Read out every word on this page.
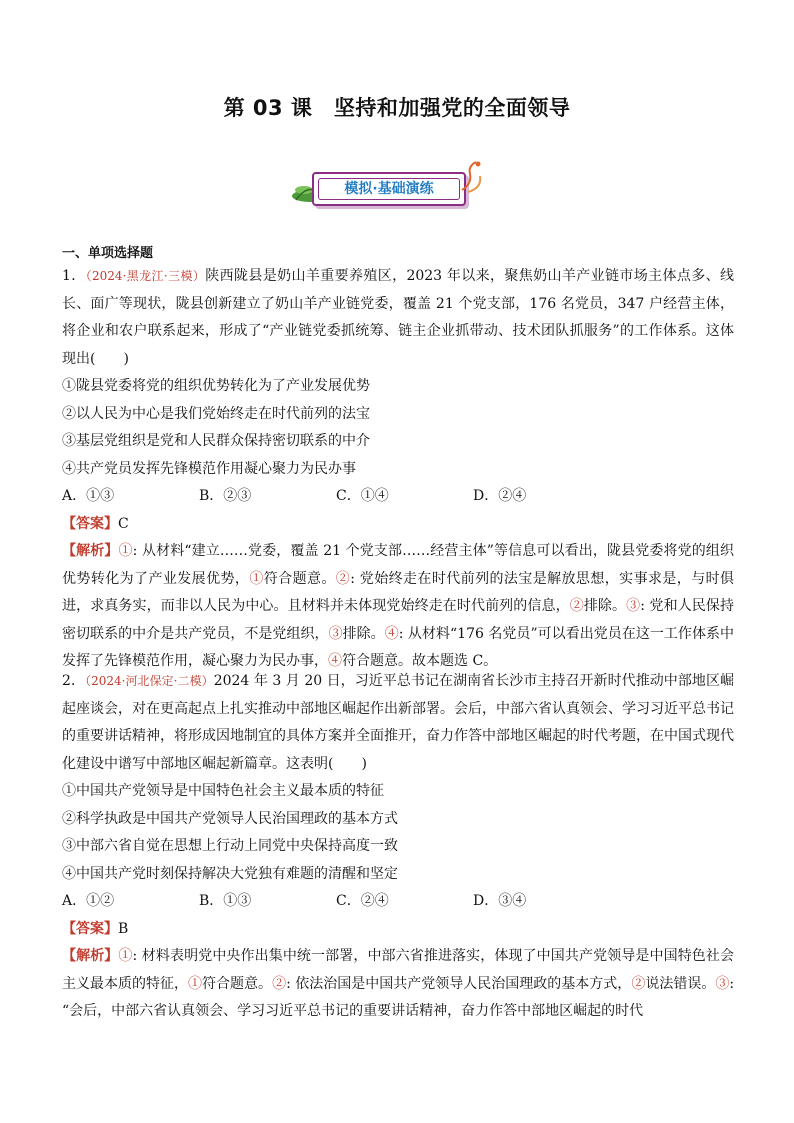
第 03 课　坚持和加强党的全面领导
模拟·基础演练
一、单项选择题
1．（2024·黑龙江·三模）陕西陇县是奶山羊重要养殖区，2023 年以来，聚焦奶山羊产业链市场主体点多、线长、面广等现状，陇县创新建立了奶山羊产业链党委，覆盖 21 个党支部，176 名党员，347 户经营主体，将企业和农户联系起来，形成了“产业链党委抓统筹、链主企业抓带动、技术团队抓服务”的工作体系。这体现出(　　)
①陇县党委将党的组织优势转化为了产业发展优势
②以人民为中心是我们党始终走在时代前列的法宝
③基层党组织是党和人民群众保持密切联系的中介
④共产党员发挥先锋模范作用凝心聚力为民办事
A．①③	B．②③	C．①④	D．②④
【答案】C
【解析】①: 从材料“建立……党委，覆盖 21 个党支部……经营主体”等信息可以看出，陇县党委将党的组织优势转化为了产业发展优势，①符合题意。②: 党始终走在时代前列的法宝是解放思想，实事求是，与时俱进，求真务实，而非以人民为中心。且材料并未体现党始终走在时代前列的信息，②排除。③: 党和人民保持密切联系的中介是共产党员，不是党组织，③排除。④: 从材料“176 名党员”可以看出党员在这一工作体系中发挥了先锋模范作用，凝心聚力为民办事，④符合题意。故本题选 C。
2．（2024·河北保定·二模）2024 年 3 月 20 日，习近平总书记在湖南省长沙市主持召开新时代推动中部地区崛起座谈会，对在更高起点上扎实推动中部地区崛起作出新部署。会后，中部六省认真领会、学习习近平总书记的重要讲话精神，将形成因地制宜的具体方案并全面推开，奋力作答中部地区崛起的时代考题，在中国式现代化建设中谱写中部地区崛起新篇章。这表明(　　)
①中国共产党领导是中国特色社会主义最本质的特征
②科学执政是中国共产党领导人民治国理政的基本方式
③中部六省自觉在思想上行动上同党中央保持高度一致
④中国共产党时刻保持解决大党独有难题的清醒和坚定
A．①②	B．①③	C．②④	D．③④
【答案】B
【解析】①: 材料表明党中央作出集中统一部署，中部六省推进落实，体现了中国共产党领导是中国特色社会主义最本质的特征，①符合题意。②: 依法治国是中国共产党领导人民治国理政的基本方式，②说法错误。③: “会后，中部六省认真领会、学习习近平总书记的重要讲话精神，奋力作答中部地区崛起的时代
